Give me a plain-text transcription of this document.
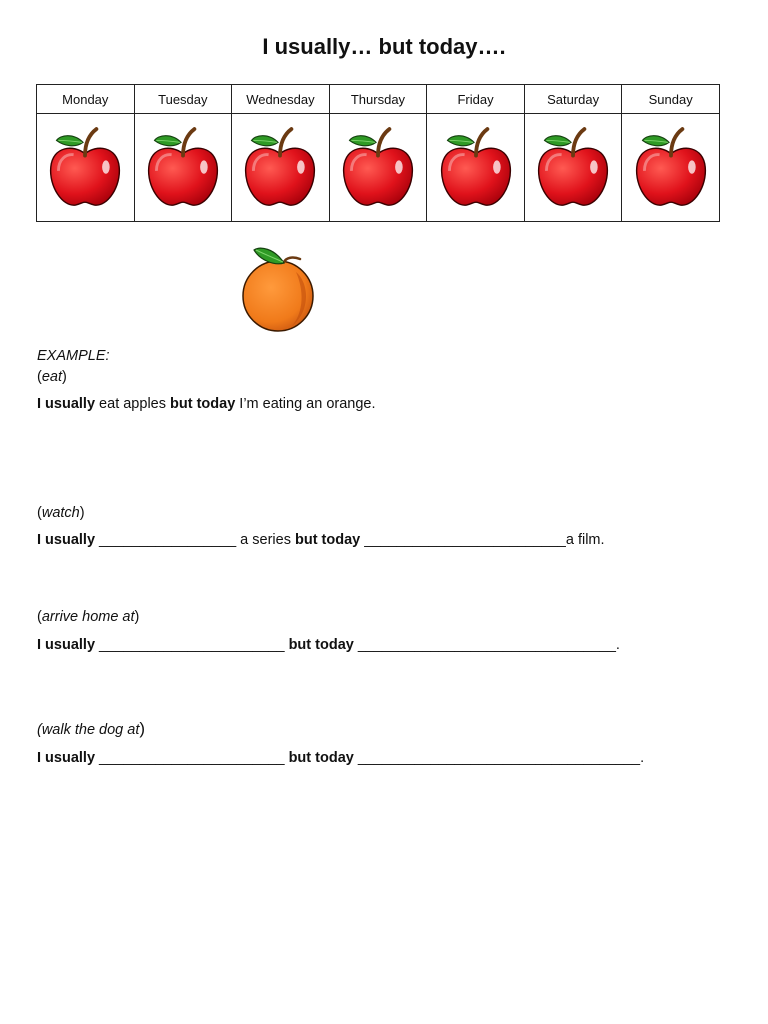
I usually… but today….
Monday	Tuesday	Wednesday	Thursday	Friday	Saturday	Sunday

EXAMPLE:
(eat)
I usually eat apples but today I’m eating an orange.
(watch)
I usually _________________ a series but today _________________________a film.
(arrive home at)
I usually _______________________ but today ________________________________.
(walk the dog at)
I usually _______________________ but today ___________________________________.
